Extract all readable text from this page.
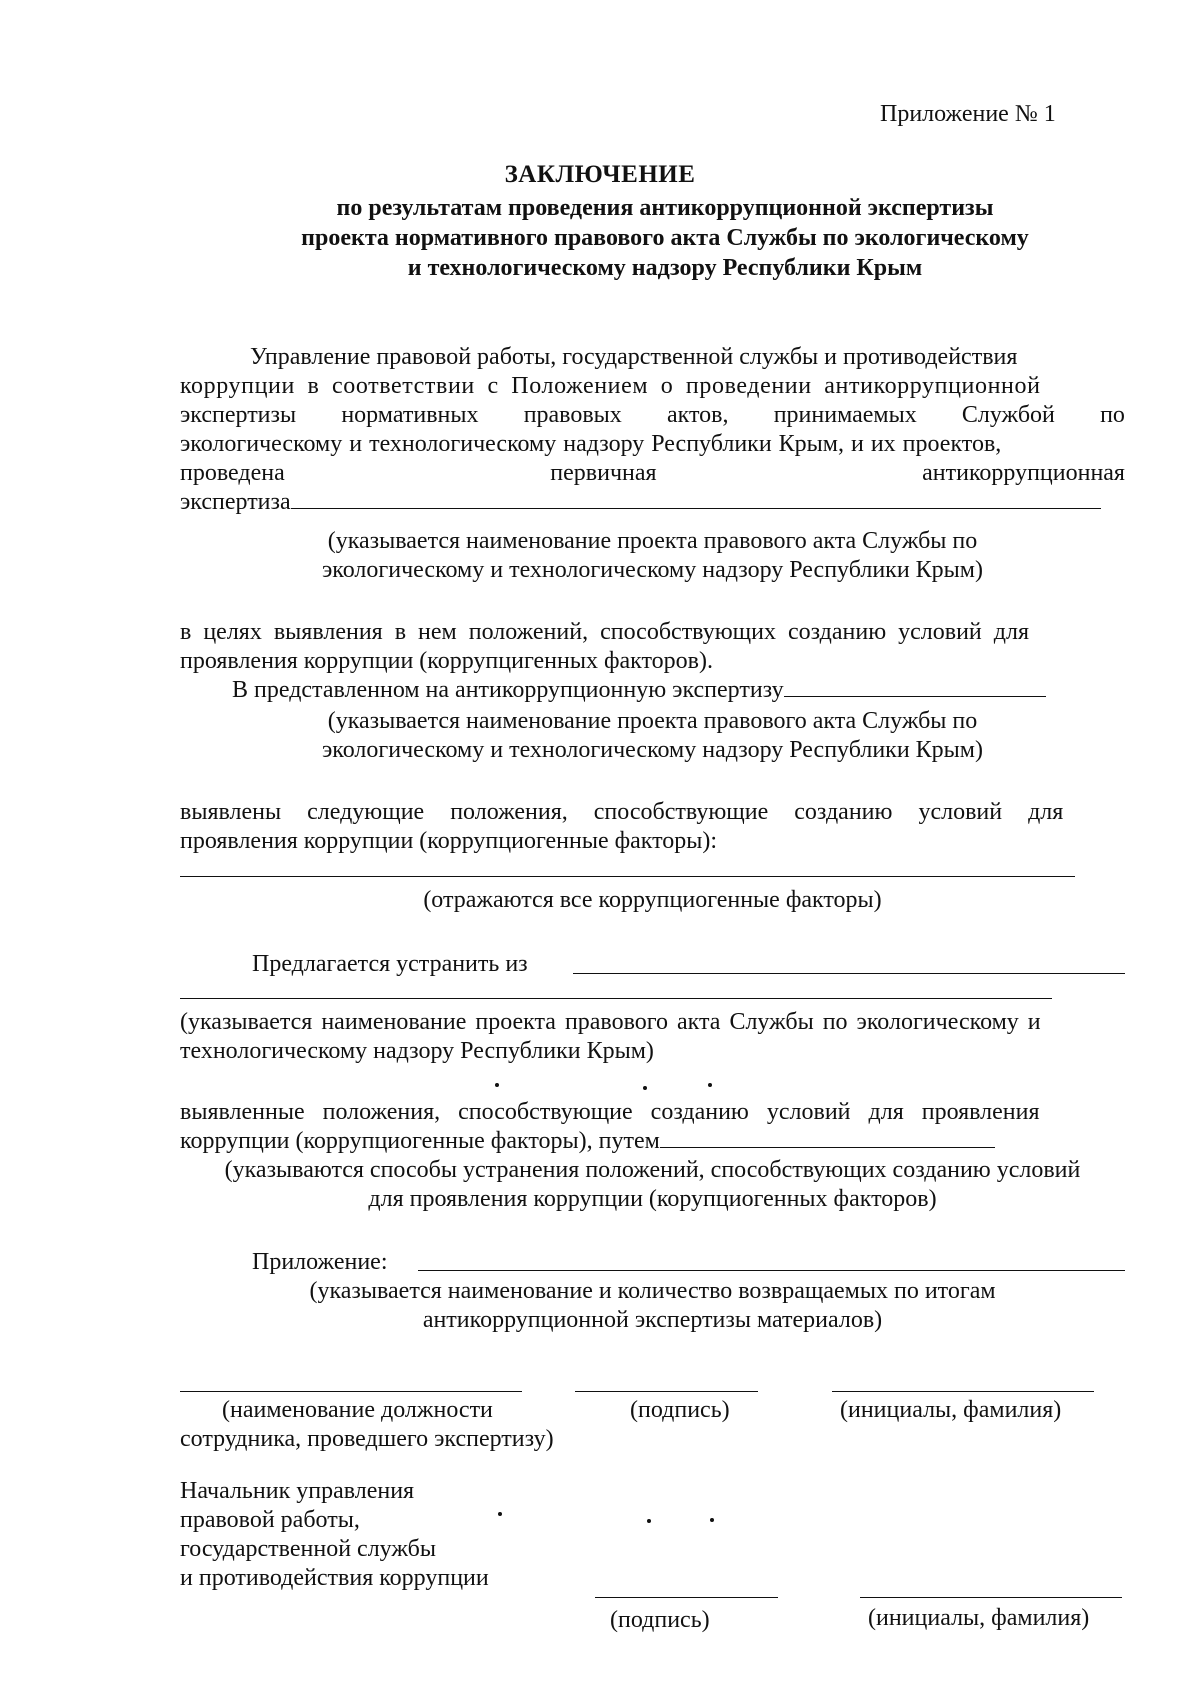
Приложение № 1
ЗАКЛЮЧЕНИЕ
по результатам проведения антикоррупционной экспертизы
проекта нормативного правового акта Службы по экологическому
и технологическому надзору Республики Крым
Управление правовой работы, государственной службы и противодействия
коррупции в соответствии с Положением о проведении антикоррупционной
экспертизы нормативных правовых актов, принимаемых Службой по
экологическому и технологическому надзору Республики Крым, и их проектов,
проведена	первичная	антикоррупционная
экспертиза
(указывается наименование проекта правового акта Службы по
экологическому и технологическому надзору Республики Крым)
в целях выявления в нем положений, способствующих созданию условий для
проявления коррупции (коррупцигенных факторов).
В представленном на антикоррупционную экспертизу
(указывается наименование проекта правового акта Службы по
экологическому и технологическому надзору Республики Крым)
выявлены следующие положения, способствующие созданию условий для
проявления коррупции (коррупциогенные факторы):
(отражаются все коррупциогенные факторы)
Предлагается устранить из
(указывается наименование проекта правового акта Службы по экологическому и
технологическому надзору Республики Крым)
выявленные положения, способствующие созданию условий для проявления
коррупции (коррупциогенные факторы), путем
(указываются способы устранения положений, способствующих созданию условий
для проявления коррупции (корупциогенных факторов)
Приложение:
(указывается наименование и количество возвращаемых по итогам
антикоррупционной экспертизы материалов)
(наименование должности
сотрудника, проведшего экспертизу)
(подпись)	(инициалы, фамилия)
Начальник управления
правовой работы,
государственной службы
и противодействия коррупции
(подпись)	(инициалы, фамилия)
